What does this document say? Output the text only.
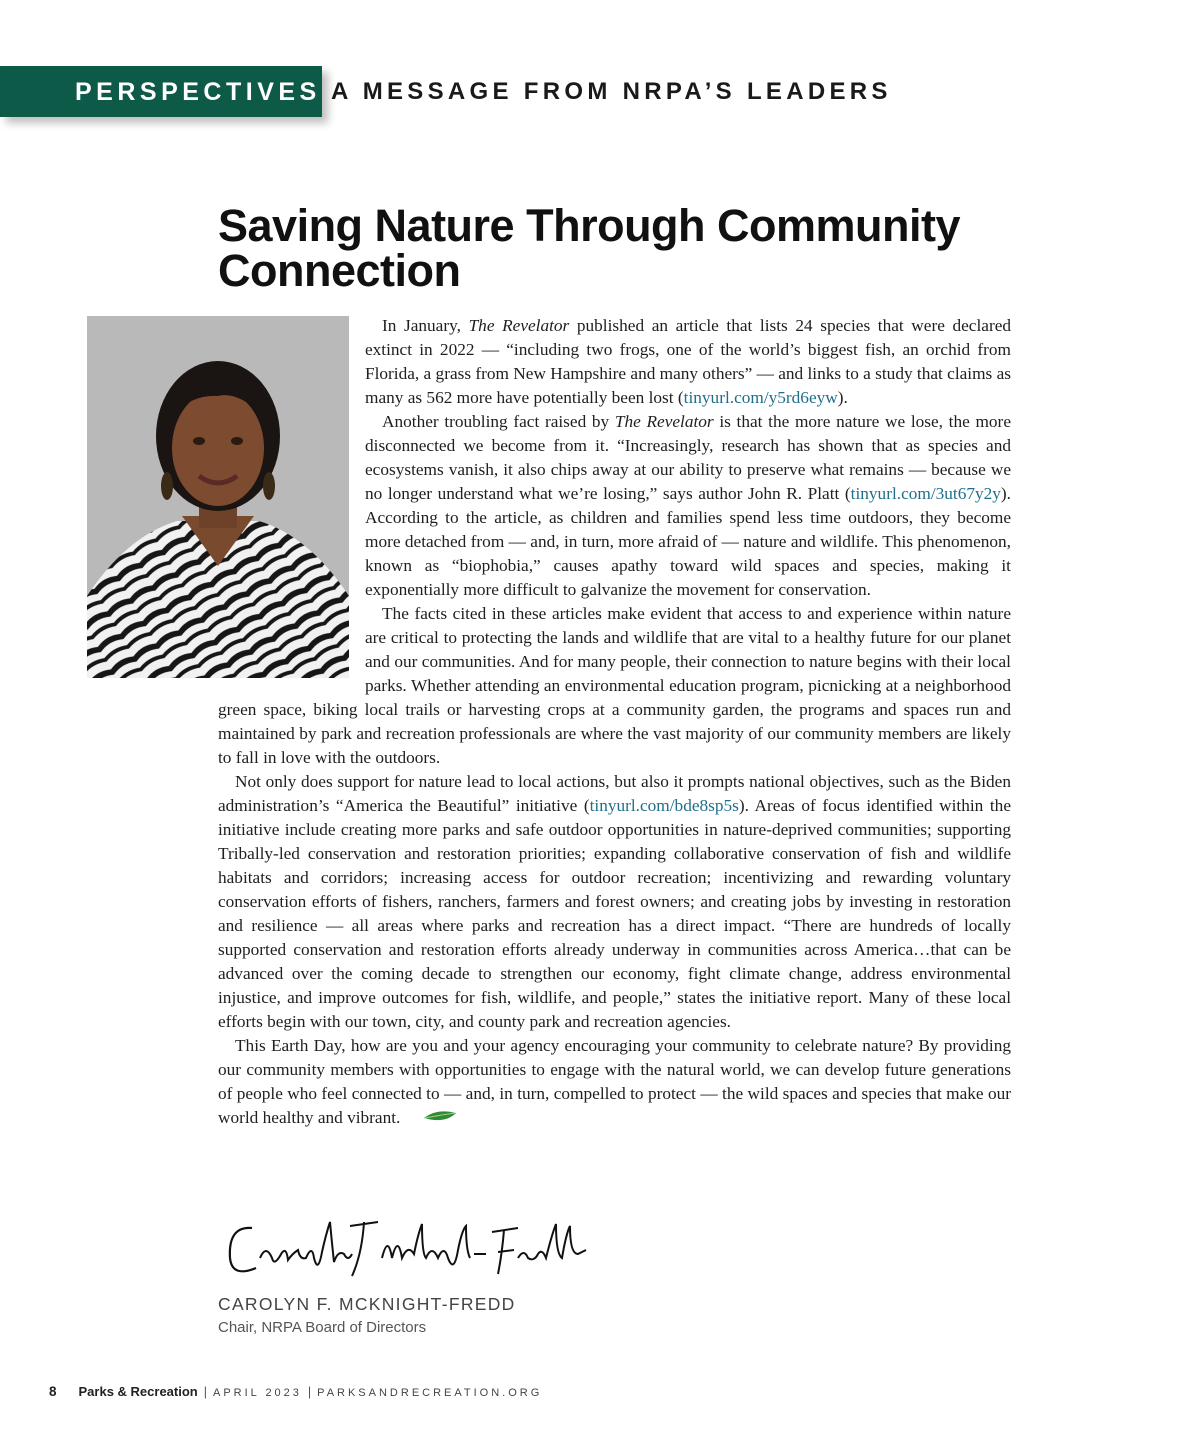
PERSPECTIVES A MESSAGE FROM NRPA’S LEADERS
Saving Nature Through Community Connection

In January, The Revelator published an article that lists 24 species that were declared extinct in 2022 — “including two frogs, one of the world’s biggest fish, an orchid from Florida, a grass from New Hampshire and many others” — and links to a study that claims as many as 562 more have potentially been lost (tinyurl.com/y5rd6eyw).

Another troubling fact raised by The Revelator is that the more nature we lose, the more disconnected we become from it. “Increasingly, research has shown that as species and ecosystems vanish, it also chips away at our ability to preserve what remains — because we no longer understand what we’re losing,” says author John R. Platt (tinyurl.com/3ut67y2y). According to the article, as children and families spend less time outdoors, they become more detached from — and, in turn, more afraid of — nature and wildlife. This phenomenon, known as “biophobia,” causes apathy toward wild spaces and species, making it exponentially more difficult to galvanize the movement for conservation.

The facts cited in these articles make evident that access to and experience within nature are critical to protecting the lands and wildlife that are vital to a healthy future for our planet and our communities. And for many people, their connection to nature begins with their local parks. Whether attending an environmental education program, picnicking at a neighborhood green space, biking local trails or harvesting crops at a community garden, the programs and spaces run and maintained by park and recreation professionals are where the vast majority of our community members are likely to fall in love with the outdoors.

Not only does support for nature lead to local actions, but also it prompts national objectives, such as the Biden administration’s “America the Beautiful” initiative (tinyurl.com/bde8sp5s). Areas of focus identified within the initiative include creating more parks and safe outdoor opportunities in nature-deprived communities; supporting Tribally-led conservation and restoration priorities; expanding collaborative conservation of fish and wildlife habitats and corridors; increasing access for outdoor recreation; incentivizing and rewarding voluntary conservation efforts of fishers, ranchers, farmers and forest owners; and creating jobs by investing in restoration and resilience — all areas where parks and recreation has a direct impact. “There are hundreds of locally supported conservation and restoration efforts already underway in communities across America…that can be advanced over the coming decade to strengthen our economy, fight climate change, address environmental injustice, and improve outcomes for fish, wildlife, and people,” states the initiative report. Many of these local efforts begin with our town, city, and county park and recreation agencies.

This Earth Day, how are you and your agency encouraging your community to celebrate nature? By providing our community members with opportunities to engage with the natural world, we can develop future generations of people who feel connected to — and, in turn, compelled to protect — the wild spaces and species that make our world healthy and vibrant.

CAROLYN F. MCKNIGHT-FREDD
Chair, NRPA Board of Directors
8 Parks & Recreation | APRIL 2023 | PARKSANDRECREATION.ORG
